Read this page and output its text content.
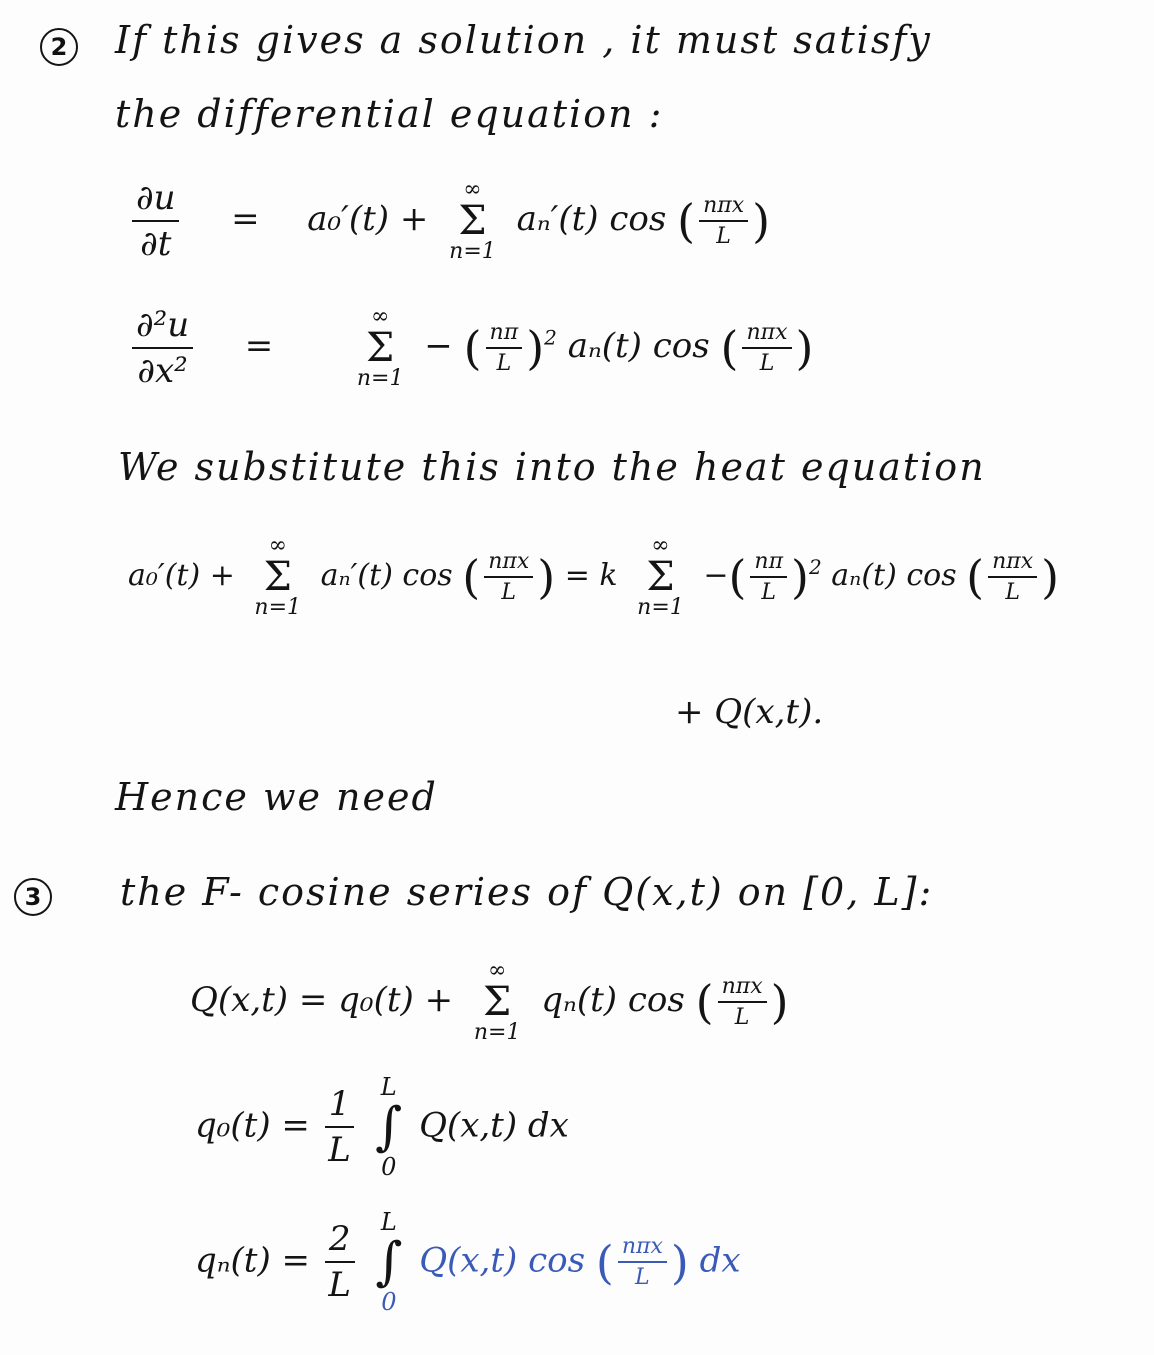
2 If this gives a solution , it must satisfy
the differential equation :
$\frac{\partial u}{\partial t} = a_0'(t)$ +
∞
Σ
n=1
aₙ′(t) cos ( $\frac{\text{nπx}}{L}$ )
$\frac{\text{∂²u}}{\text{∂x²}}$ =
∞
Σ
n=1
− ( $\frac{n\pi}{L} )^2$ aₙ(t) cos ( $\frac{\text{nπx}}{L}$ )
We substitute this into the heat equation
a₀′(t) +
∞
Σ
n=1
aₙ′(t) cos ( $\frac{\text{nπx}}{L}$ ) = k
∞
Σ
n=1
−( $\frac{n\pi}{L} )^2$ aₙ(t) cos ( $\frac{\text{nπx}}{L}$ )
+ Q(x,t).
Hence we need
3 the F- cosine series of Q(x,t) on [0, L]:
Q(x,t) = q₀(t) +
∞
Σ
n=1
qₙ(t) cos ( $\frac{\text{nπx}}{L}$ )
$q_0(t) = \frac{1}{L}$
L
∫
0
Q(x,t) dx
$q_n(t) = \frac{2}{L}$
L
∫
0
Q(x,t) cos ( $\frac{\text{nπx}}{L}$ ) dx
